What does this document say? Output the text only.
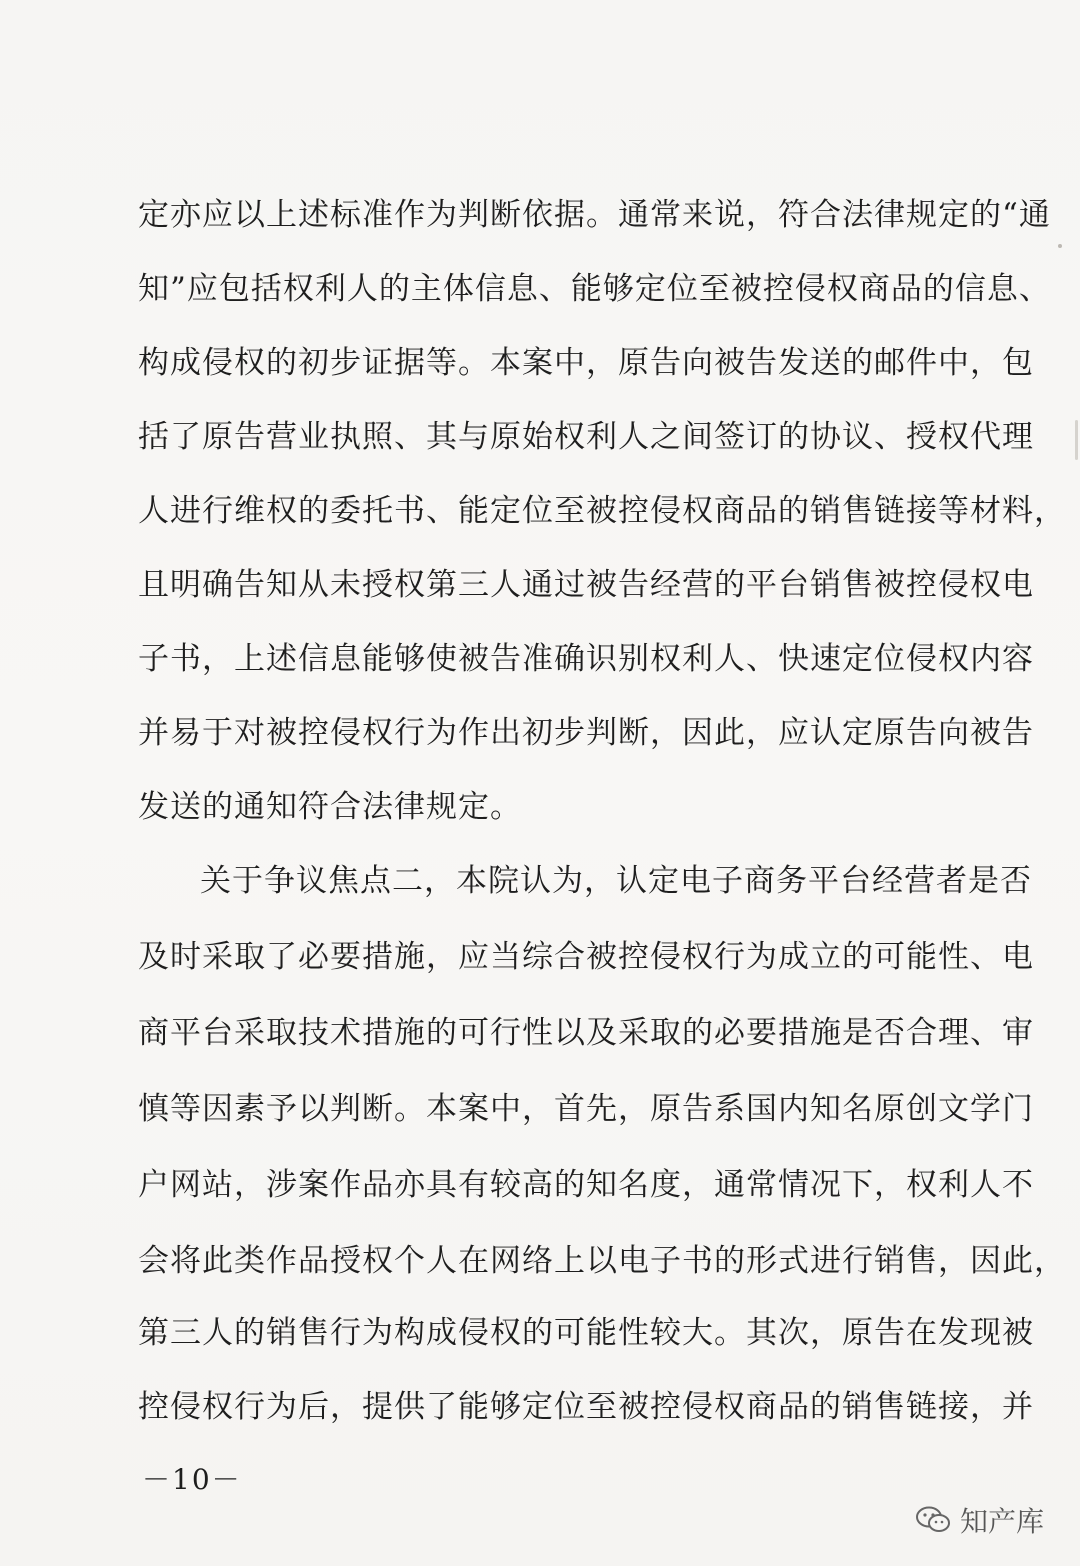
定亦应以上述标准作为判断依据。通常来说，符合法律规定的“通
知”应包括权利人的主体信息、能够定位至被控侵权商品的信息、
构成侵权的初步证据等。本案中，原告向被告发送的邮件中，包
括了原告营业执照、其与原始权利人之间签订的协议、授权代理
人进行维权的委托书、能定位至被控侵权商品的销售链接等材料，
且明确告知从未授权第三人通过被告经营的平台销售被控侵权电
子书，上述信息能够使被告准确识别权利人、快速定位侵权内容
并易于对被控侵权行为作出初步判断，因此，应认定原告向被告
发送的通知符合法律规定。
关于争议焦点二，本院认为，认定电子商务平台经营者是否
及时采取了必要措施，应当综合被控侵权行为成立的可能性、电
商平台采取技术措施的可行性以及采取的必要措施是否合理、审
慎等因素予以判断。本案中，首先，原告系国内知名原创文学门
户网站，涉案作品亦具有较高的知名度，通常情况下，权利人不
会将此类作品授权个人在网络上以电子书的形式进行销售，因此，
第三人的销售行为构成侵权的可能性较大。其次，原告在发现被
控侵权行为后，提供了能够定位至被控侵权商品的销售链接，并
－10－
知产库
